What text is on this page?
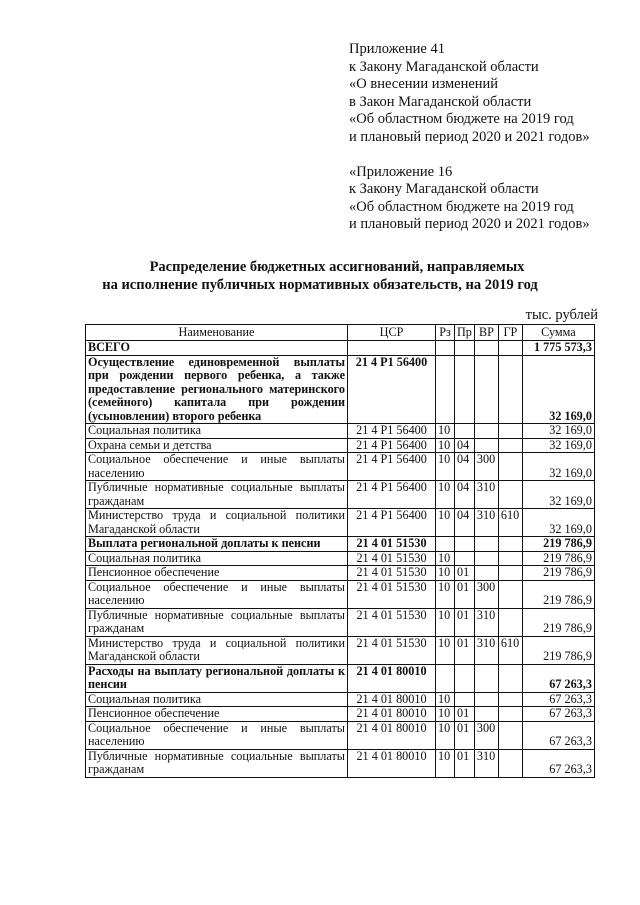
Приложение 41
к Закону Магаданской области
«О внесении изменений
в Закон Магаданской области
«Об областном бюджете на 2019 год
и плановый период 2020 и 2021 годов»
«Приложение 16
к Закону Магаданской области
«Об областном бюджете на 2019 год
и плановый период 2020 и 2021 годов»
Распределение бюджетных ассигнований, направляемых
на исполнение публичных нормативных обязательств, на 2019 год
тыс. рублей
Наименование	ЦСР	Рз	Пр	ВР	ГР	Сумма
ВСЕГО						1 775 573,3
Осуществление единовременной выплаты при рождении первого ребенка, а также предоставление регионального материнского (семейного) капитала при рождении (усыновлении) второго ребенка	21 4 P1 56400					32 169,0
Социальная политика	21 4 P1 56400	10				32 169,0
Охрана семьи и детства	21 4 P1 56400	10	04			32 169,0
Социальное обеспечение и иные выплаты населению	21 4 P1 56400	10	04	300		32 169,0
Публичные нормативные социальные выплаты гражданам	21 4 P1 56400	10	04	310		32 169,0
Министерство труда и социальной политики Магаданской области	21 4 P1 56400	10	04	310	610	32 169,0
Выплата региональной доплаты к пенсии	21 4 01 51530					219 786,9
Социальная политика	21 4 01 51530	10				219 786,9
Пенсионное обеспечение	21 4 01 51530	10	01			219 786,9
Социальное обеспечение и иные выплаты населению	21 4 01 51530	10	01	300		219 786,9
Публичные нормативные социальные выплаты гражданам	21 4 01 51530	10	01	310		219 786,9
Министерство труда и социальной политики Магаданской области	21 4 01 51530	10	01	310	610	219 786,9
Расходы на выплату региональной доплаты к пенсии	21 4 01 80010					67 263,3
Социальная политика	21 4 01 80010	10				67 263,3
Пенсионное обеспечение	21 4 01 80010	10	01			67 263,3
Социальное обеспечение и иные выплаты населению	21 4 01 80010	10	01	300		67 263,3
Публичные нормативные социальные выплаты гражданам	21 4 01 80010	10	01	310		67 263,3
